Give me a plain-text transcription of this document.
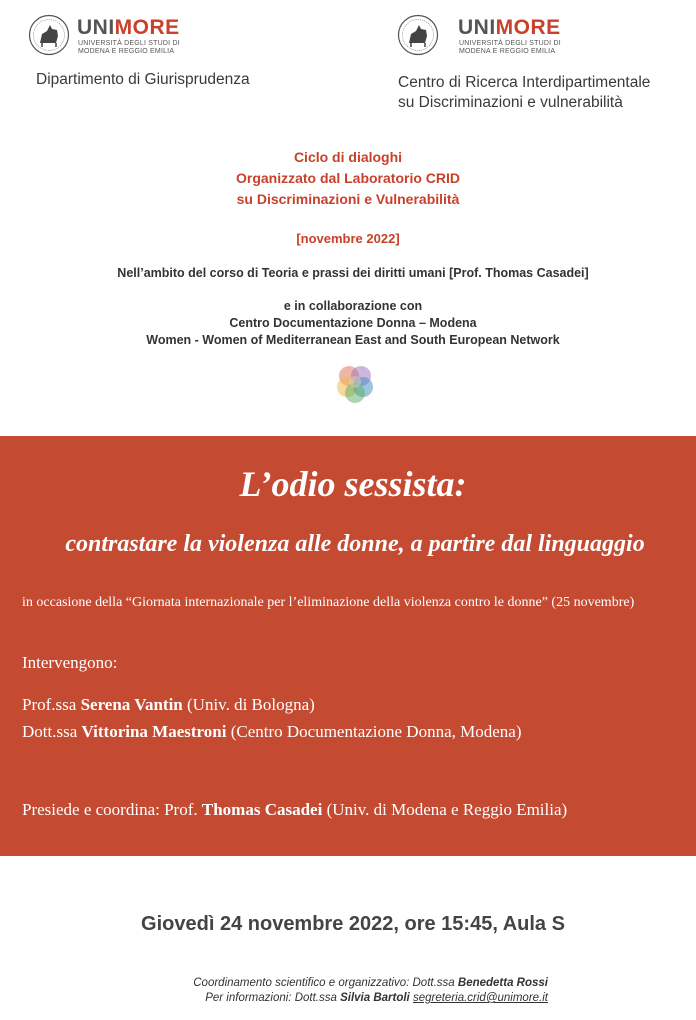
UNIMORE
UNIVERSITÀ DEGLI STUDI DI
MODENA E REGGIO EMILIA
Dipartimento di Giurisprudenza
UNIMORE
UNIVERSITÀ DEGLI STUDI DI
MODENA E REGGIO EMILIA
Centro di Ricerca Interdipartimentale
su Discriminazioni e vulnerabilità
Ciclo di dialoghi
Organizzato dal Laboratorio CRID
su Discriminazioni e Vulnerabilità
[novembre 2022]
Nell’ambito del corso di Teoria e prassi dei diritti umani [Prof. Thomas Casadei]
e in collaborazione con
Centro Documentazione Donna – Modena
Women - Women of Mediterranean East and South European Network
L’odio sessista:
contrastare la violenza alle donne, a partire dal linguaggio
in occasione della “Giornata internazionale per l’eliminazione della violenza contro le donne” (25 novembre)
Intervengono:
Prof.ssa Serena Vantin (Univ. di Bologna)
Dott.ssa Vittorina Maestroni (Centro Documentazione Donna, Modena)
Presiede e coordina: Prof. Thomas Casadei (Univ. di Modena e Reggio Emilia)
Giovedì 24 novembre 2022, ore 15:45, Aula S
Coordinamento scientifico e organizzativo: Dott.ssa Benedetta Rossi
Per informazioni: Dott.ssa Silvia Bartoli segreteria.crid@unimore.it
